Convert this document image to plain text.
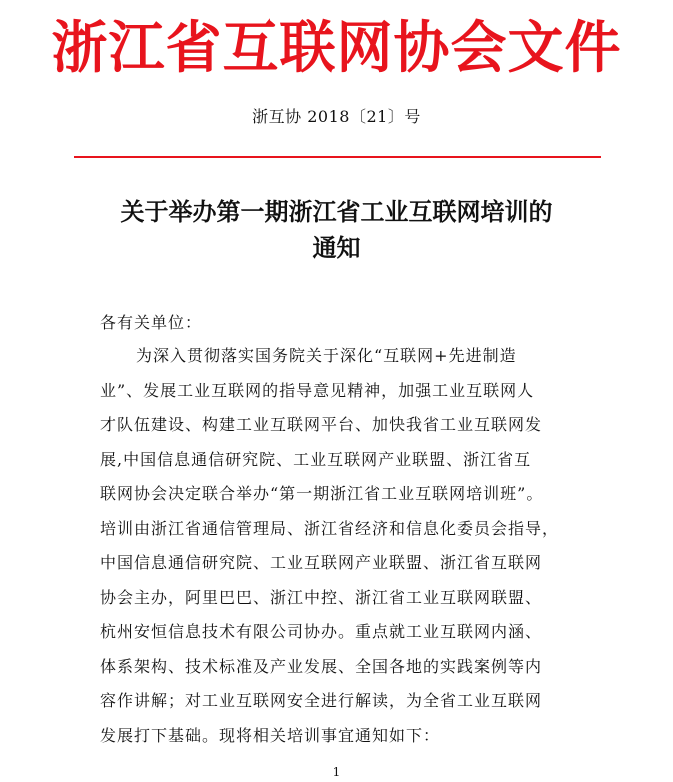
浙江省互联网协会文件
浙互协 2018〔21〕号
关于举办第一期浙江省工业互联网培训的
通知
各有关单位：
为深入贯彻落实国务院关于深化“互联网+先进制造
业”、发展工业互联网的指导意见精神，加强工业互联网人
才队伍建设、构建工业互联网平台、加快我省工业互联网发
展,中国信息通信研究院、工业互联网产业联盟、浙江省互
联网协会决定联合举办“第一期浙江省工业互联网培训班”。
培训由浙江省通信管理局、浙江省经济和信息化委员会指导，
中国信息通信研究院、工业互联网产业联盟、浙江省互联网
协会主办，阿里巴巴、浙江中控、浙江省工业互联网联盟、
杭州安恒信息技术有限公司协办。重点就工业互联网内涵、
体系架构、技术标准及产业发展、全国各地的实践案例等内
容作讲解；对工业互联网安全进行解读，为全省工业互联网
发展打下基础。现将相关培训事宜通知如下：
1
